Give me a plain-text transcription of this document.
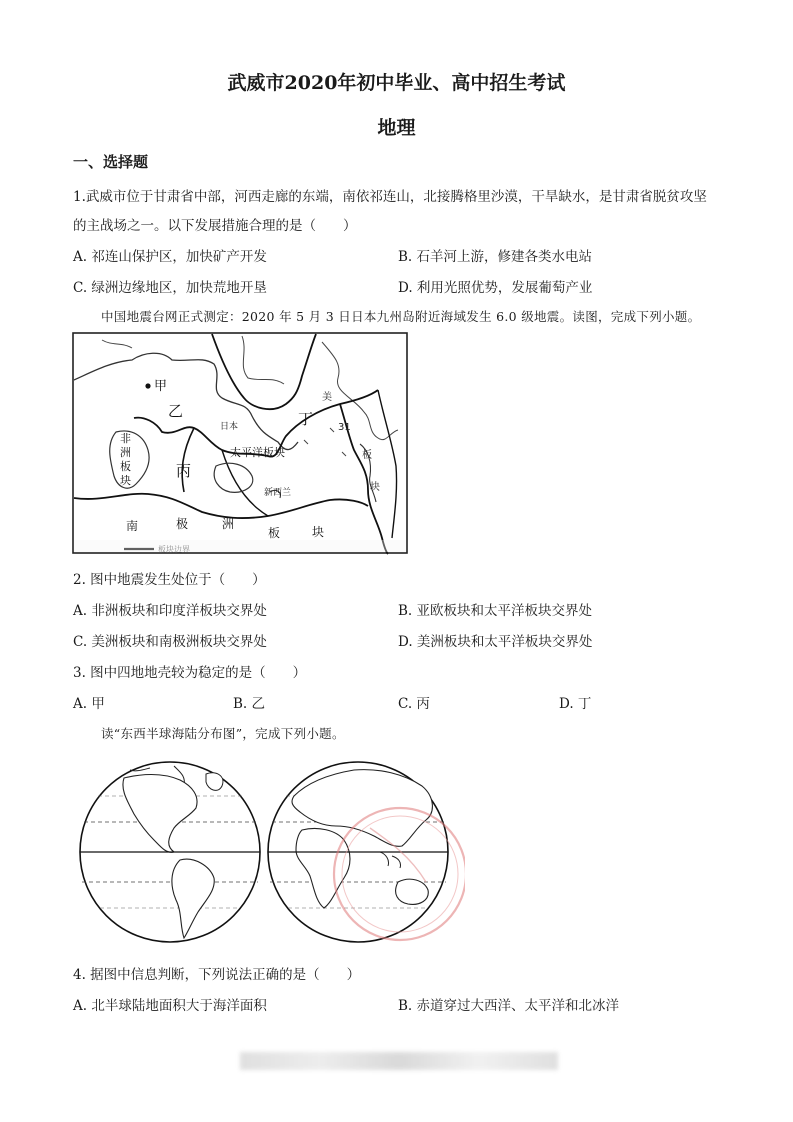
武威市2020年初中毕业、高中招生考试
地理
一、选择题
1.武威市位于甘肃省中部，河西走廊的东端，南依祁连山，北接腾格里沙漠，干旱缺水，是甘肃省脱贫攻坚
的主战场之一。以下发展措施合理的是（　　）
A. 祁连山保护区，加快矿产开发	B. 石羊河上游，修建各类水电站
C. 绿洲边缘地区，加快荒地开垦	D. 利用光照优势，发展葡萄产业
中国地震台网正式测定：2020 年 5 月 3 日日本九州岛附近海域发生 6.0 级地震。读图，完成下列小题。
甲
乙
丙
丁
日本
太平洋板块
非
洲
板
块
新西兰
南	极	洲
板	块
美
31
板
块
板块边界
2. 图中地震发生处位于（　　）
A. 非洲板块和印度洋板块交界处	B. 亚欧板块和太平洋板块交界处
C. 美洲板块和南极洲板块交界处	D. 美洲板块和太平洋板块交界处
3. 图中四地地壳较为稳定的是（　　）
A. 甲	B. 乙	C. 丙	D. 丁
读“东西半球海陆分布图”，完成下列小题。
4. 据图中信息判断，下列说法正确的是（　　）
A. 北半球陆地面积大于海洋面积	B. 赤道穿过大西洋、太平洋和北冰洋
